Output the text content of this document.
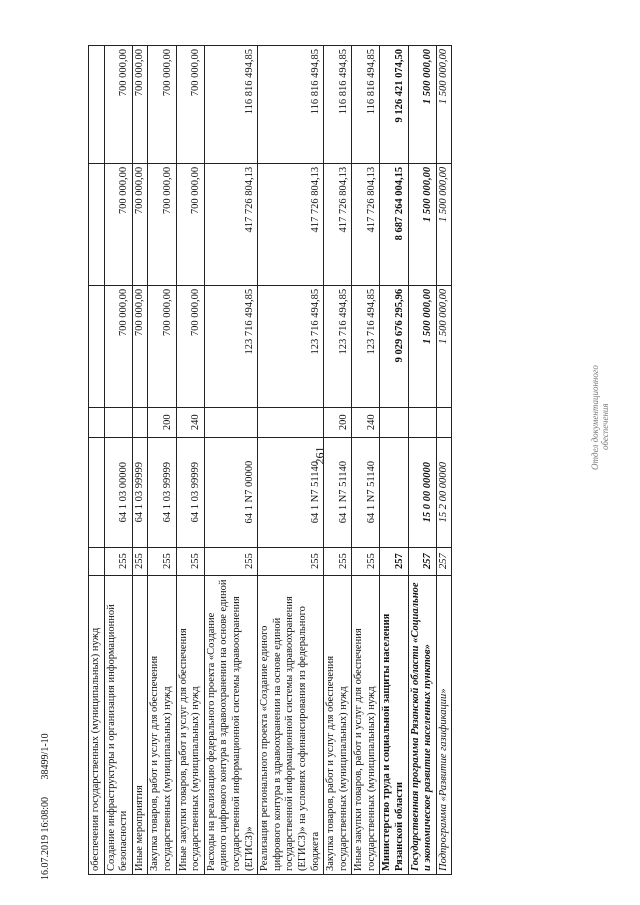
261	Отдел документационного обеспечения
16.07.2019 16:08:00       38499/1-10	обеспечения государственных (муниципальных) нужд						
Создание инфраструктуры и организация информационной безопасности	255	64 1 03 00000		700 000,00	700 000,00	700 000,00
Иные мероприятия	255	64 1 03 99999		700 000,00	700 000,00	700 000,00
Закупка товаров, работ и услуг для обеспечения государственных (муниципальных) нужд	255	64 1 03 99999	200	700 000,00	700 000,00	700 000,00
Иные закупки товаров, работ и услуг для обеспечения государственных (муниципальных) нужд	255	64 1 03 99999	240	700 000,00	700 000,00	700 000,00
Расходы на реализацию федерального проекта «Создание единого цифрового контура в здравоохранении на основе единой государственной информационной системы здравоохранения (ЕГИСЗ)»	255	64 1 N7 00000		123 716 494,85	417 726 804,13	116 816 494,85
Реализация регионального проекта «Создание единого цифрового контура в здравоохранении на основе единой государственной информационной системы здравоохранения (ЕГИСЗ)» на условиях софинансирования из федерального бюджета	255	64 1 N7 51140		123 716 494,85	417 726 804,13	116 816 494,85
Закупка товаров, работ и услуг для обеспечения государственных (муниципальных) нужд	255	64 1 N7 51140	200	123 716 494,85	417 726 804,13	116 816 494,85
Иные закупки товаров, работ и услуг для обеспечения государственных (муниципальных) нужд	255	64 1 N7 51140	240	123 716 494,85	417 726 804,13	116 816 494,85
Министерство труда и социальной защиты населения Рязанской области	257			9 029 676 295,96	8 687 264 004,15	9 126 421 074,50
Государственная программа Рязанской области «Социальное и экономическое развитие населенных пунктов»	257	15 0 00 00000		1 500 000,00	1 500 000,00	1 500 000,00
Подпрограмма «Развитие газификации»	257	15 2 00 00000		1 500 000,00	1 500 000,00	1 500 000,00
